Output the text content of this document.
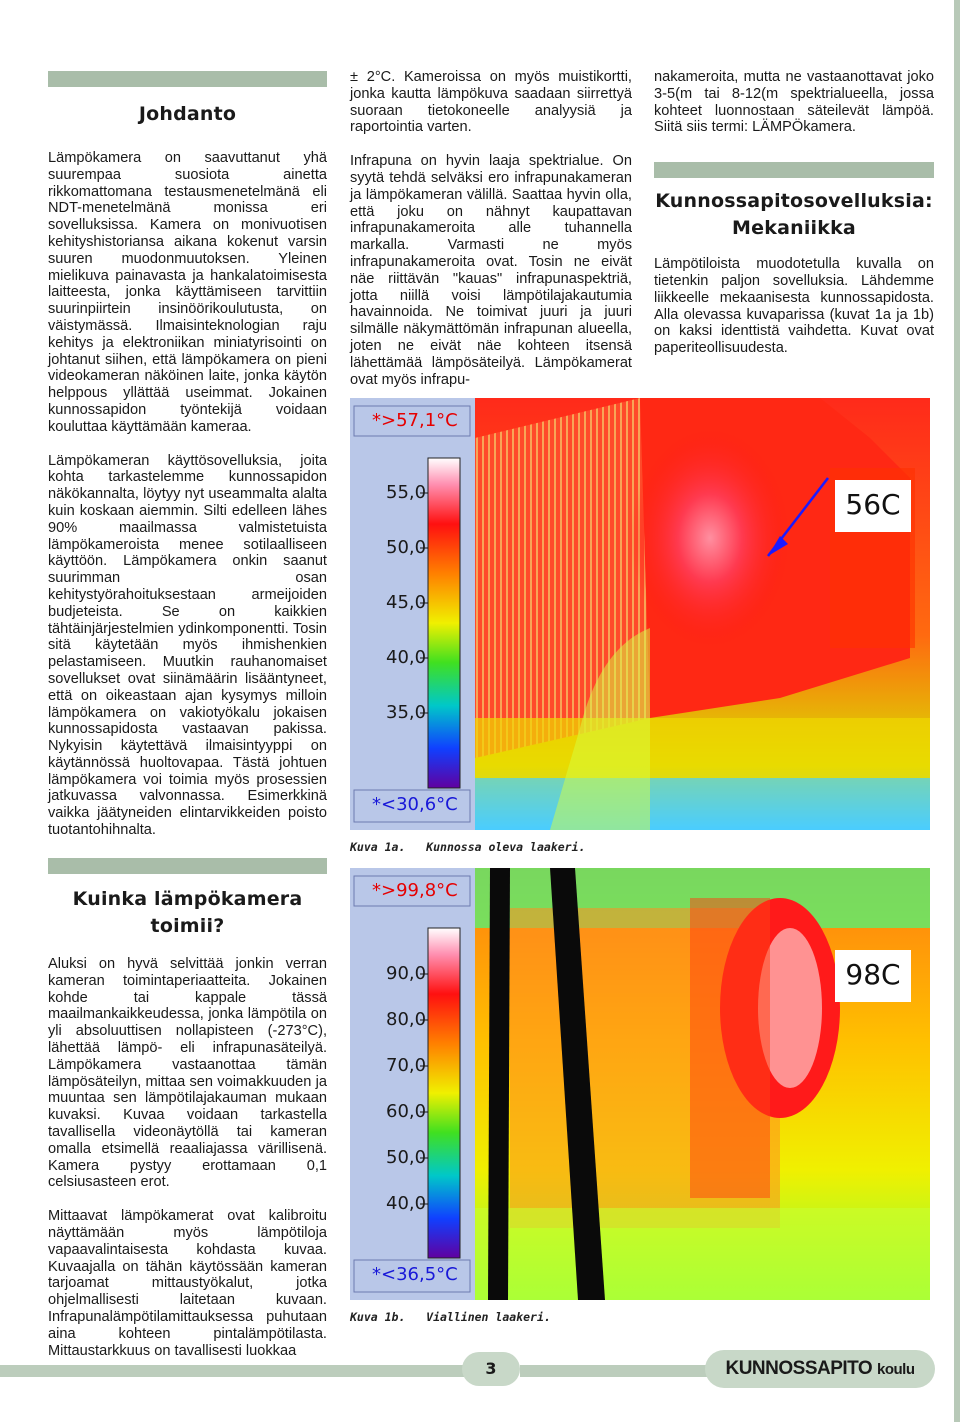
Johdanto

Lämpökamera on saavuttanut yhä suurempaa suosiota ainetta rikkomattomana testausmenetelmänä eli NDT-menetelmänä monissa eri sovelluksissa. Kamera on monivuotisen kehityshistoriansa aikana kokenut varsin suuren muodonmuutoksen. Yleinen mielikuva painavasta ja hankalatoimisesta laitteesta, jonka käyttämiseen tarvittiin suurinpiirtein insinöörikoulutusta, on väistymässä. Ilmaisinteknologian raju kehitys ja elektroniikan miniatyrisointi on johtanut siihen, että lämpökamera on pieni videokameran näköinen laite, jonka käytön helppous yllättää useimmat. Jokainen kunnossapidon työntekijä voidaan kouluttaa käyttämään kameraa.

Lämpökameran käyttösovelluksia, joita kohta tarkastelemme kunnossapidon näkökannalta, löytyy nyt useammalta alalta kuin koskaan aiemmin. Silti edelleen lähes 90% maailmassa valmistetuista lämpökameroista menee sotilaalliseen käyttöön. Lämpökamera onkin saanut suurimman osan kehitystyörahoituksestaan armeijoiden budjeteista. Se on kaikkien tähtäinjärjestelmien ydinkomponentti. Tosin sitä käytetään myös ihmishenkien pelastamiseen. Muutkin rauhanomaiset sovellukset ovat siinämäärin lisääntyneet, että on oikeastaan ajan kysymys milloin lämpökamera on vakiotyökalu jokaisen kunnossapidosta vastaavan pakissa. Nykyisin käytettävä ilmaisintyyppi on käytännössä huoltovapaa. Tästä johtuen lämpökamera voi toimia myös prosessien jatkuvassa valvonnassa. Esimerkkinä vaikka jäätyneiden elintarvikkeiden poisto tuotantohihnalta.

Kuinka lämpökamera
toimii?

Aluksi on hyvä selvittää jonkin verran kameran toimintaperiaatteita. Jokainen kohde tai kappale tässä maailmankaikkeudessa, jonka lämpötila on yli absoluuttisen nollapisteen (-273°C), lähettää lämpö- eli infrapunasäteilyä. Lämpökamera vastaanottaa tämän lämpösäteilyn, mittaa sen voimakkuuden ja muuntaa sen lämpötilajakauman mukaan kuvaksi. Kuvaa voidaan tarkastella tavallisella videonäytöllä tai kameran omalla etsimellä reaaliajassa värillisenä. Kamera pystyy erottamaan 0,1 celsiusasteen erot.

Mittaavat lämpökamerat ovat kalibroitu näyttämään myös lämpötiloja vapaavalintaisesta kohdasta kuvaa. Kuvaajalla on tähän käytössään kameran tarjoamat mittaustyökalut, jotka ohjelmallisesti laitetaan kuvaan. Infrapunalämpötilamittauksessa puhutaan aina kohteen pintalämpötilasta. Mittaustarkkuus on tavallisesti luokkaa

± 2°C. Kameroissa on myös muistikortti, jonka kautta lämpökuva saadaan siirrettyä suoraan tietokoneelle analyysiä ja raportointia varten.

Infrapuna on hyvin laaja spektrialue. On syytä tehdä selväksi ero infrapunakameran ja lämpökameran välillä. Saattaa hyvin olla, että joku on nähnyt kaupattavan infrapunakameroita alle tuhannella markalla. Varmasti ne myös infrapunakameroita ovat. Tosin ne eivät näe riittävän "kauas" infrapunaspektriä, jotta niillä voisi lämpötilajakautumia havainnoida. Ne toimivat juuri ja juuri silmälle näkymättömän infrapunan alueella, joten ne eivät näe kohteen itsensä lähettämää lämpösäteilyä. Lämpökamerat ovat myös infrapu-

nakameroita, mutta ne vastaanottavat joko 3-5(m tai 8-12(m spektrialueella, jossa kohteet luonnostaan säteilevät lämpöä. Siitä siis termi: LÄMPÖkamera.

Kunnossapitosovelluksia:
Mekaniikka

Lämpötiloista muodotetulla kuvalla on tietenkin paljon sovelluksia. Lähdemme liikkeelle mekaanisesta kunnossapidosta. Alla olevassa kuvaparissa (kuvat 1a ja 1b) on kaksi identtistä vaihdetta. Kuvat ovat paperiteollisuudesta.

*>57,1°C
*<30,6°C
55,0
50,0
45,0
40,0
35,0
56C
Kuva 1a. Kunnossa oleva laakeri.
*>99,8°C
*<36,5°C
90,0
80,0
70,0
60,0
50,0
40,0
98C
Kuva 1b. Viallinen laakeri.
3	KUNNOSSAPITO koulu
